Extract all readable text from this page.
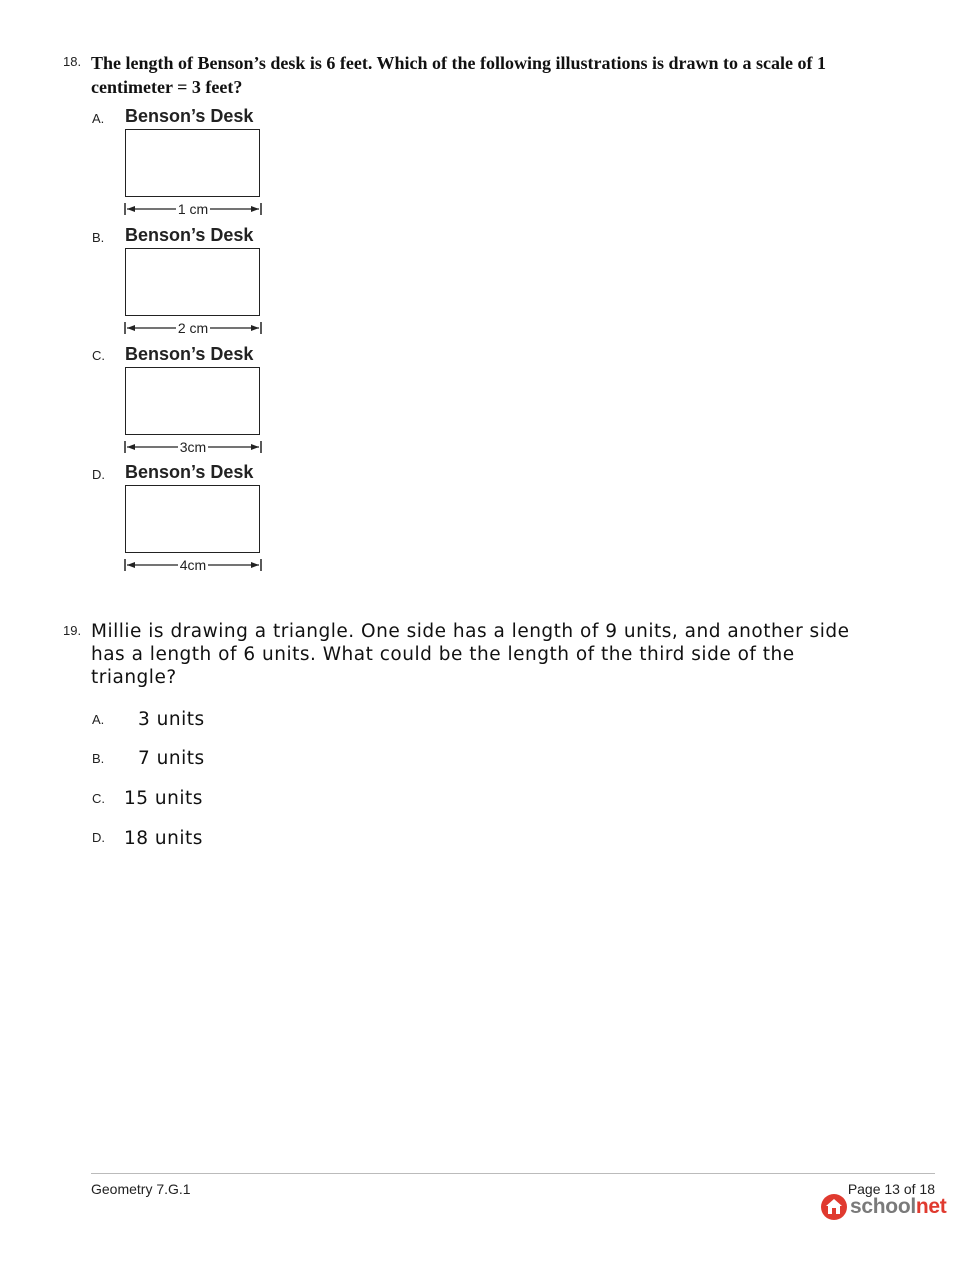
18. The length of Benson’s desk is 6 feet. Which of the following illustrations is drawn to a scale of 1 centimeter = 3 feet?
A. Benson’s Desk
1 cm
B. Benson’s Desk
2 cm
C. Benson’s Desk
3cm
D. Benson’s Desk
4cm
19. Millie is drawing a triangle. One side has a length of 9 units, and another side has a length of 6 units. What could be the length of the third side of the triangle?
A. 3 units
B. 7 units
C. 15 units
D. 18 units
Geometry 7.G.1	Page 13 of 18
schoolnet
